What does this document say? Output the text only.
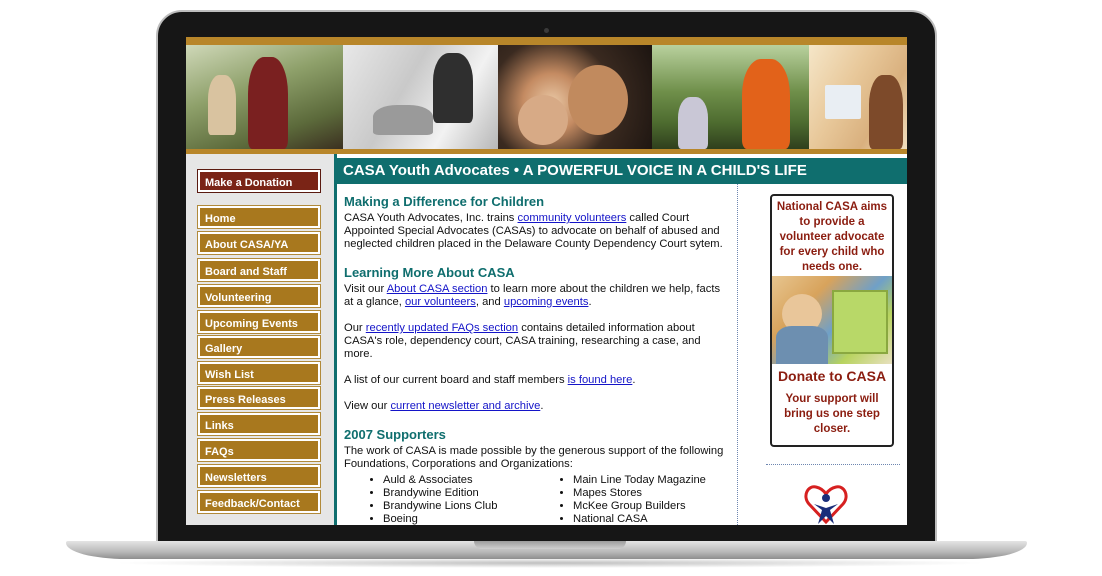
Make a Donation
Home
About CASA/YA
Board and Staff
Volunteering
Upcoming Events
Gallery
Wish List
Press Releases
Links
FAQs
Newsletters
Feedback/Contact
CASA Youth Advocates • A POWERFUL VOICE IN A CHILD'S LIFE
Making a Difference for Children
CASA Youth Advocates, Inc. trains community volunteers called Court Appointed Special Advocates (CASAs) to advocate on behalf of abused and neglected children placed in the Delaware County Dependency Court sytem.
Learning More About CASA
Visit our About CASA section to learn more about the children we help, facts at a glance, our volunteers, and upcoming events.
Our recently updated FAQs section contains detailed information about CASA's role, dependency court, CASA training, researching a case, and more.
A list of our current board and staff members is found here.
View our current newsletter and archive.
2007 Supporters
The work of CASA is made possible by the generous support of the following Foundations, Corporations and Organizations:
• Auld & Associates
• Brandywine Edition
• Brandywine Lions Club
• Boeing
• Main Line Today Magazine
• Mapes Stores
• McKee Group Builders
• National CASA
National CASA aims to provide a volunteer advocate for every child who needs one.
Donate to CASA
Your support will bring us one step closer.
